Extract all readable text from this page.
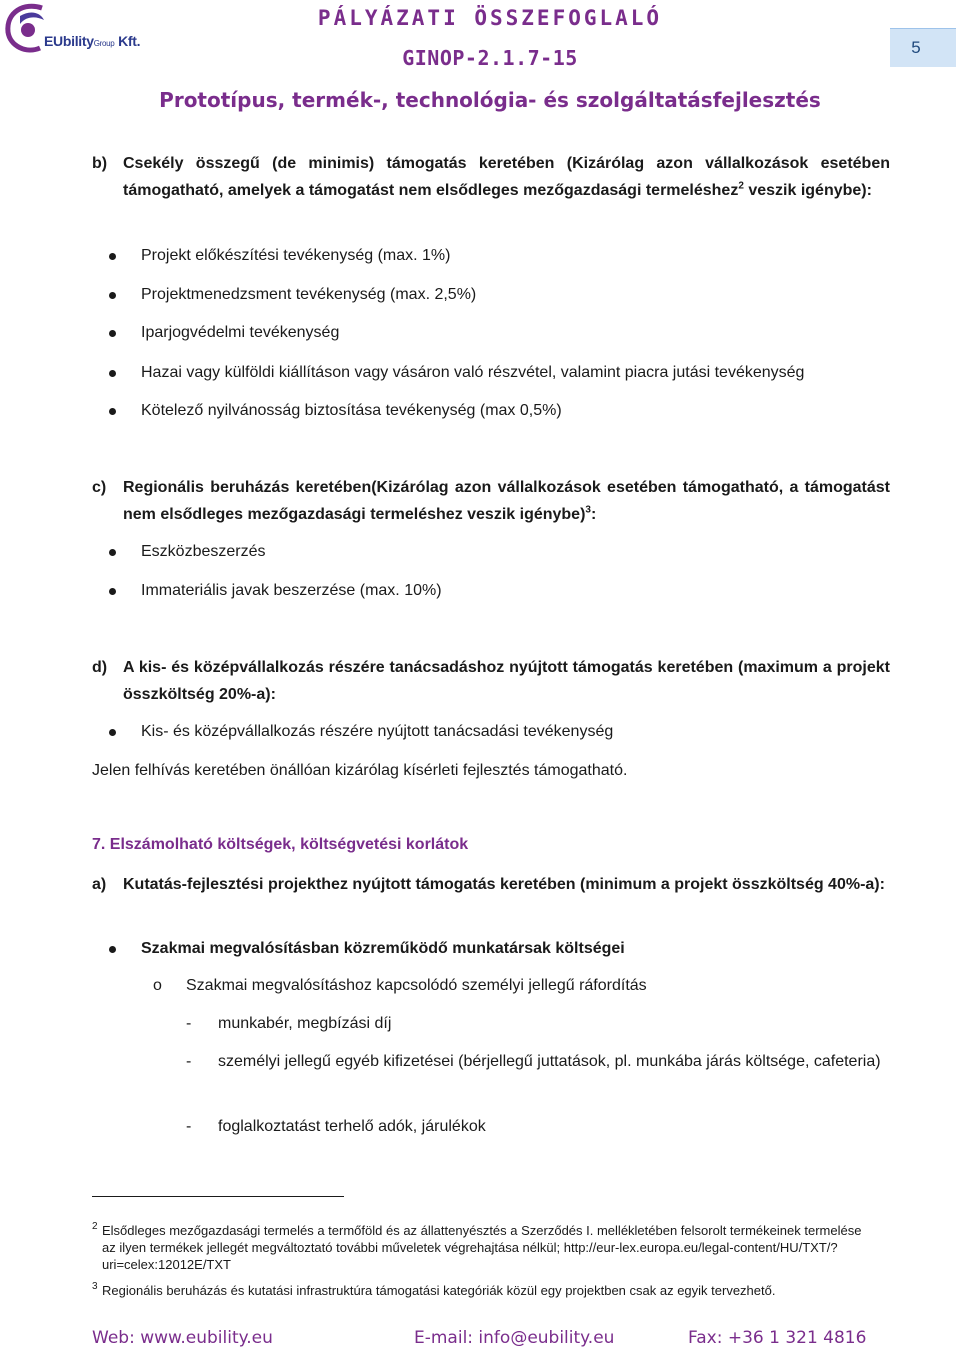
EUbilityGroup Kft.
PÁLYÁZATI ÖSSZEFOGLALÓ
GINOP-2.1.7-15
Prototípus, termék-, technológia- és szolgáltatásfejlesztés
5
b) Csekély összegű (de minimis) támogatás keretében (Kizárólag azon vállalkozások esetében támogatható, amelyek a támogatást nem elsődleges mezőgazdasági termeléshez$^2$ veszik igénybe):
Projekt előkészítési tevékenység (max. 1%)
Projektmenedzsment tevékenység (max. 2,5%)
Iparjogvédelmi tevékenység
Hazai vagy külföldi kiállításon vagy vásáron való részvétel, valamint piacra jutási tevékenység
Kötelező nyilvánosság biztosítása tevékenység (max 0,5%)
c) Regionális beruházás keretében(Kizárólag azon vállalkozások esetében támogatható, a támogatást nem elsődleges mezőgazdasági termeléshez veszik igénybe)$^3$:
Eszközbeszerzés
Immateriális javak beszerzése (max. 10%)
d) A kis- és középvállalkozás részére tanácsadáshoz nyújtott támogatás keretében (maximum a projekt összköltség 20%-a):
Kis- és középvállalkozás részére nyújtott tanácsadási tevékenység
Jelen felhívás keretében önállóan kizárólag kísérleti fejlesztés támogatható.
7. Elszámolható költségek, költségvetési korlátok
a) Kutatás-fejlesztési projekthez nyújtott támogatás keretében (minimum a projekt összköltség 40%-a):
Szakmai megvalósításban közreműködő munkatársak költségei
o Szakmai megvalósításhoz kapcsolódó személyi jellegű ráfordítás
- munkabér, megbízási díj
- személyi jellegű egyéb kifizetései (bérjellegű juttatások, pl. munkába járás költsége, cafeteria)
- foglalkoztatást terhelő adók, járulékok
2 Elsődleges mezőgazdasági termelés a termőföld és az állattenyésztés a Szerződés I. mellékletében felsorolt termékeinek termelése az ilyen termékek jellegét megváltoztató további műveletek végrehajtása nélkül; http://eur-lex.europa.eu/legal-content/HU/TXT/?uri=celex:12012E/TXT
3 Regionális beruházás és kutatási infrastruktúra támogatási kategóriák közül egy projektben csak az egyik tervezhető.
Web: www.eubility.eu	E-mail: info@eubility.eu	Fax: +36 1 321 4816
